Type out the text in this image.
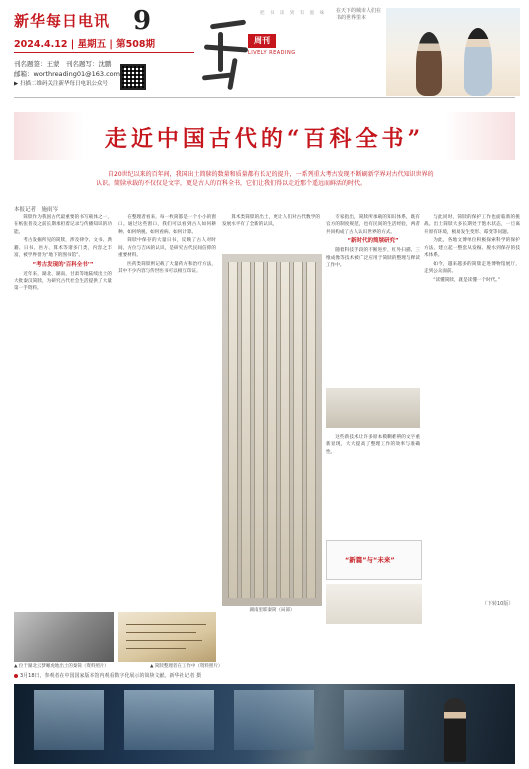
新华每日电讯 9
2024.4.12 | 星期五 | 第508期
刊名题签：王蒙　刊名题写：沈鹏
邮箱：worthreading01@163.com
▶ 扫描二维码关注新华每日电讯公众号
周刊
LIVELY READING
把 书 读 到 有 滋 味 在天下的城市人们在书的世界里本
走近中国古代的“百科全书”
自20世纪以来的百年间，我国出土简牍的数量和质量都有长足的提升，一系列重大考古发现不断刷新学界对古代知识世界的认识。简牍承载的不仅仅是文字，更是古人的百科全书，它们让我们得以走近那个遥远而鲜活的时代。
本报记者　施雨岑

简牍作为我国古代最重要的书写载体之一，在纸张普及之前长期承担着记录与传播知识的功能。

考古发掘所见的简牍，涉及律令、文书、典籍、日书、医方、算术等诸多门类，内容之丰富，被学界誉为“地下的图书馆”。

“考古发现的‘百科全书’”

近年来，湖北、湖南、甘肃等地陆续出土的大批秦汉简牍，为研究古代社会生活提供了大量第一手资料。

在整理者看来，每一枚简都是一个小小的窗口。通过这些窗口，我们可以看到古人如何耕种、如何纳税、如何看病、如何计算。

简牍中保存的大量日书，反映了古人对时间、方位与吉凶的认识，是研究古代民间信仰的重要材料。

医药类简牍则记载了大量药方和治疗方法，其中不少内容与传世医书可以相互印证。

算术类简牍的出土，更让人们对古代数学的发展水平有了全新的认识。

湖南里耶秦简（局部）

专家指出，简牍所承载的知识体系，既有官方的制度规范，也有民间的生活经验，两者共同构成了古人认识世界的方式。

“新时代的简牍研究”

随着科技手段的不断进步，红外扫描、三维成像等技术被广泛应用于简牍的整理与释读工作中。

这些新技术让许多原本模糊难辨的文字重新显现，大大提高了整理工作的效率与准确性。

“新篇”与“未来”

与此同时，简牍的保护工作也面临新的挑战。出土简牍大多长期处于饱水状态，一旦离开原有环境，极易发生变形、霉变等问题。

为此，各地文博单位积极探索科学的保护方法，建立起一整套从发掘、脱水到保存的技术体系。

如今，越来越多的简牍走进博物馆展厅，走到公众面前。

“读懂简牍，就是读懂一个时代。”

（下转10版）
▲ 位于湖北云梦睡虎地出土的秦简（资料照片）	▲ 简牍整理者在工作中（资料照片）
3月18日，参观者在中国国家版本馆内观看数字化展示的简牍文献。新华社记者 摄
